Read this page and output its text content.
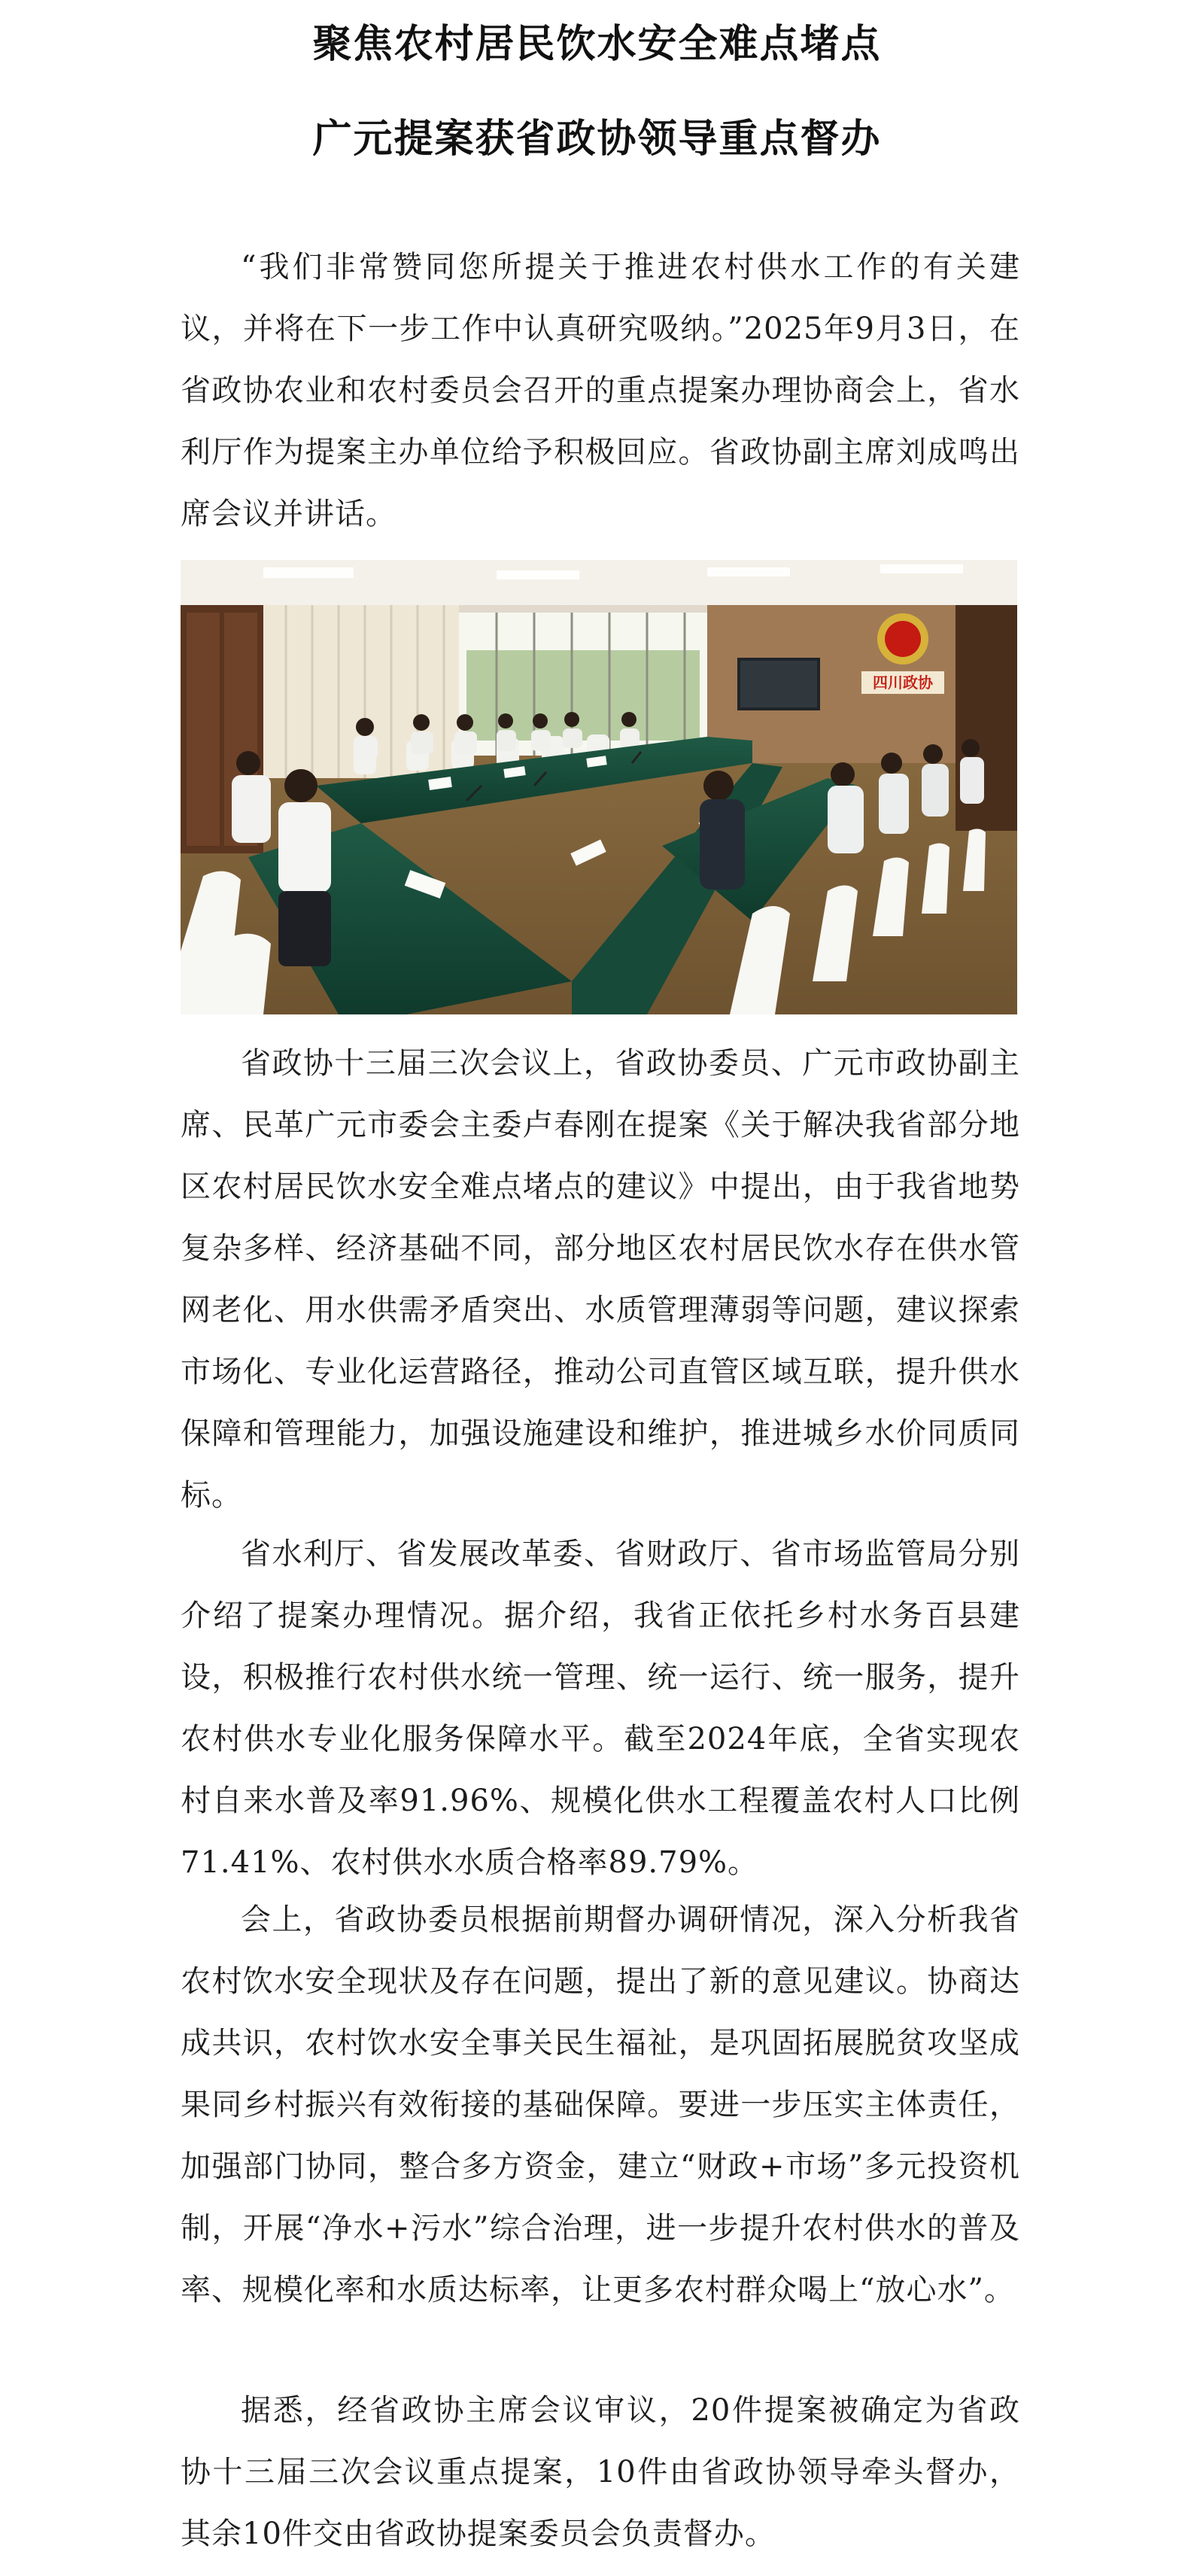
聚焦农村居民饮水安全难点堵点
广元提案获省政协领导重点督办

“我们非常赞同您所提关于推进农村供水工作的有关建议，并将在下一步工作中认真研究吸纳。”2025年9月3日，在省政协农业和农村委员会召开的重点提案办理协商会上，省水利厅作为提案主办单位给予积极回应。省政协副主席刘成鸣出席会议并讲话。

四川政协

省政协十三届三次会议上，省政协委员、广元市政协副主席、民革广元市委会主委卢春刚在提案《关于解决我省部分地区农村居民饮水安全难点堵点的建议》中提出，由于我省地势复杂多样、经济基础不同，部分地区农村居民饮水存在供水管网老化、用水供需矛盾突出、水质管理薄弱等问题，建议探索市场化、专业化运营路径，推动公司直管区域互联，提升供水保障和管理能力，加强设施建设和维护，推进城乡水价同质同标。

省水利厅、省发展改革委、省财政厅、省市场监管局分别介绍了提案办理情况。据介绍，我省正依托乡村水务百县建设，积极推行农村供水统一管理、统一运行、统一服务，提升农村供水专业化服务保障水平。截至2024年底，全省实现农村自来水普及率91.96%、规模化供水工程覆盖农村人口比例71.41%、农村供水水质合格率89.79%。

会上，省政协委员根据前期督办调研情况，深入分析我省农村饮水安全现状及存在问题，提出了新的意见建议。协商达成共识，农村饮水安全事关民生福祉，是巩固拓展脱贫攻坚成果同乡村振兴有效衔接的基础保障。要进一步压实主体责任，加强部门协同，整合多方资金，建立“财政+市场”多元投资机制，开展“净水+污水”综合治理，进一步提升农村供水的普及率、规模化率和水质达标率，让更多农村群众喝上“放心水”。

据悉，经省政协主席会议审议，20件提案被确定为省政协十三届三次会议重点提案，10件由省政协领导牵头督办，其余10件交由省政协提案委员会负责督办。
